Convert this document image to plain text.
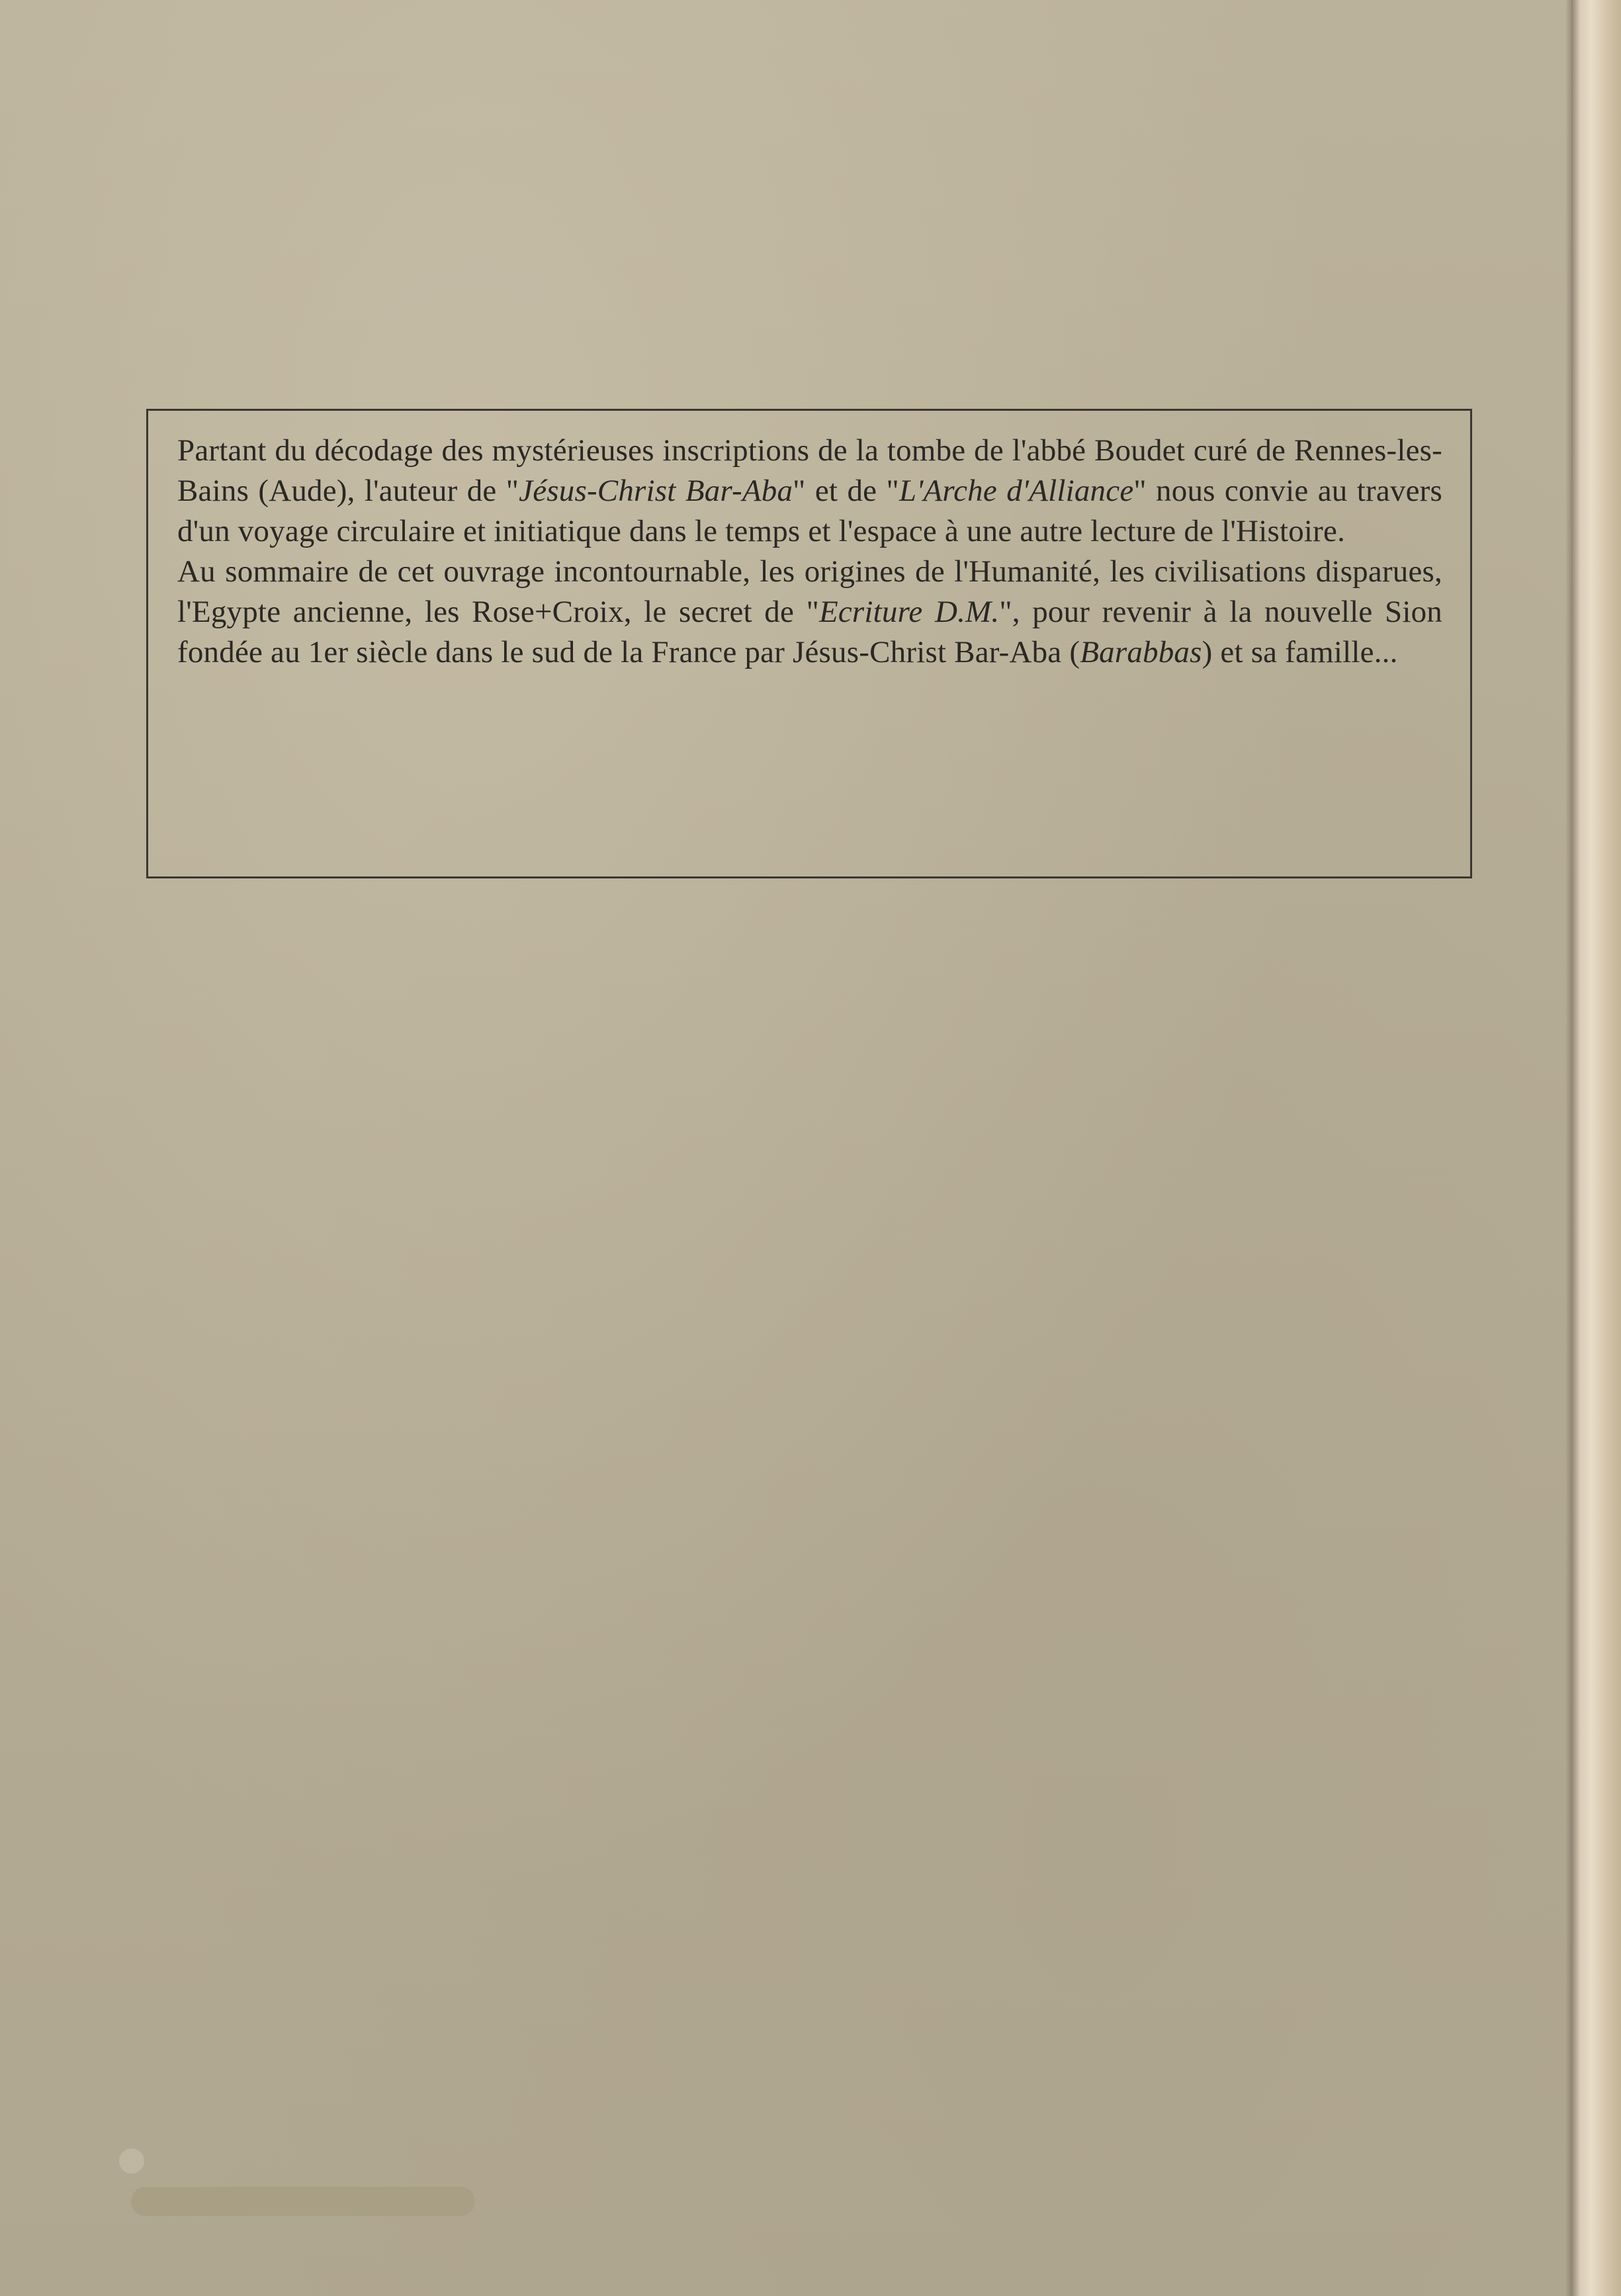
Partant du décodage des mystérieuses inscriptions de la tombe de l'abbé Boudet curé de Rennes-les-Bains (Aude), l'auteur de "Jésus-Christ Bar-Aba" et de "L'Arche d'Alliance" nous convie au travers d'un voyage circulaire et initiatique dans le temps et l'espace à une autre lecture de l'Histoire.

Au sommaire de cet ouvrage incontournable, les origines de l'Humanité, les civilisations disparues, l'Egypte ancienne, les Rose+Croix, le secret de "Ecriture D.M.", pour revenir à la nouvelle Sion fondée au 1er siècle dans le sud de la France par Jésus-Christ Bar-Aba (Barabbas) et sa famille...
